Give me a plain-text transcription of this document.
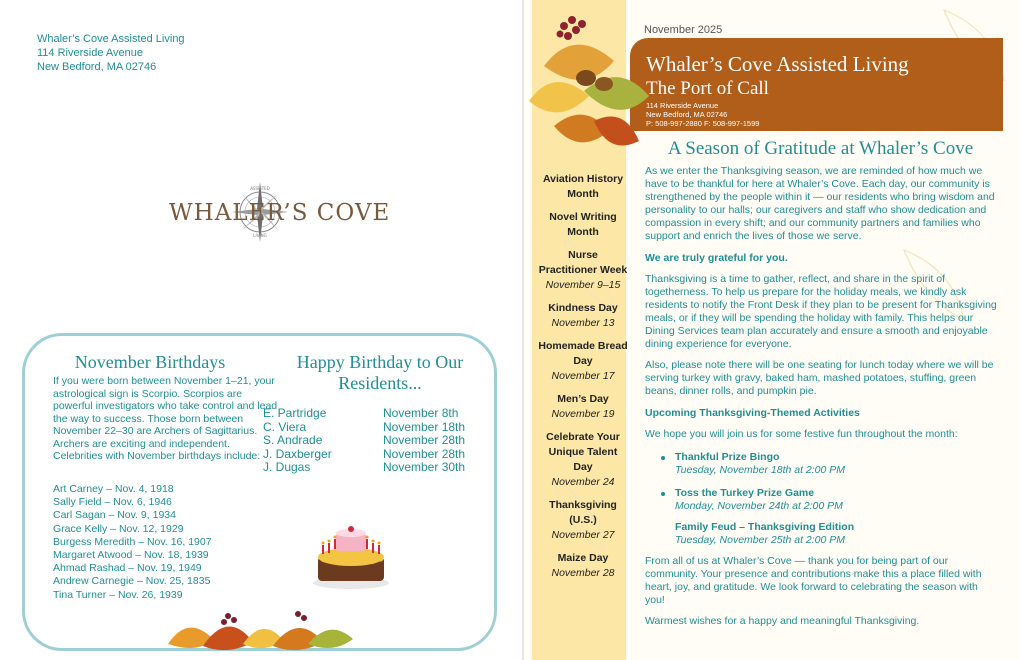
Whaler’s Cove Assisted Living
114 Riverside Avenue
New Bedford, MA 02746
ASSISTED
LIVING
WHALER’S COVE
November Birthdays	Happy Birthday to Our Residents...
If you were born between November 1–21, your astrological sign is Scorpio. Scorpios are powerful investigators who take control and lead the way to success. Those born between November 22–30 are Archers of Sagittarius. Archers are exciting and independent. Celebrities with November birthdays include:
Art Carney – Nov. 4, 1918
Sally Field – Nov. 6, 1946
Carl Sagan – Nov. 9, 1934
Grace Kelly – Nov. 12, 1929
Burgess Meredith – Nov. 16, 1907
Margaret Atwood – Nov. 18, 1939
Ahmad Rashad – Nov. 19, 1949
Andrew Carnegie – Nov. 25, 1835
Tina Turner – Nov. 26, 1939
E. Partridge	November 8th
C. Viera	November 18th
S. Andrade	November 28th
J. Daxberger	November 28th
J. Dugas	November 30th
November 2025
Whaler’s Cove Assisted Living
The Port of Call
114 Riverside Avenue
New Bedford, MA 02746
P: 508-997-2880 F: 508-997-1599
Aviation History Month
Novel Writing Month
Nurse Practitioner Week
November 9–15
Kindness Day
November 13
Homemade Bread Day
November 17
Men’s Day
November 19
Celebrate Your Unique Talent Day
November 24
Thanksgiving (U.S.)
November 27
Maize Day
November 28
A Season of Gratitude at Whaler’s Cove

As we enter the Thanksgiving season, we are reminded of how much we have to be thankful for here at Whaler’s Cove. Each day, our community is strengthened by the people within it — our residents who bring wisdom and personality to our halls; our caregivers and staff who show dedication and compassion in every shift; and our community partners and families who support and enrich the lives of those we serve.

We are truly grateful for you.

Thanksgiving is a time to gather, reflect, and share in the spirit of togetherness. To help us prepare for the holiday meals, we kindly ask residents to notify the Front Desk if they plan to be present for Thanksgiving meals, or if they will be spending the holiday with family. This helps our Dining Services team plan accurately and ensure a smooth and enjoyable dining experience for everyone.

Also, please note there will be one seating for lunch today where we will be serving turkey with gravy, baked ham, mashed potatoes, stuffing, green beans, dinner rolls, and pumpkin pie.

Upcoming Thanksgiving-Themed Activities

We hope you will join us for some festive fun throughout the month:

Thankful Prize Bingo
Tuesday, November 18th at 2:00 PM
Toss the Turkey Prize Game
Monday, November 24th at 2:00 PM
Family Feud – Thanksgiving Edition
Tuesday, November 25th at 2:00 PM

From all of us at Whaler’s Cove — thank you for being part of our community. Your presence and contributions make this a place filled with heart, joy, and gratitude. We look forward to celebrating the season with you!

Warmest wishes for a happy and meaningful Thanksgiving.
